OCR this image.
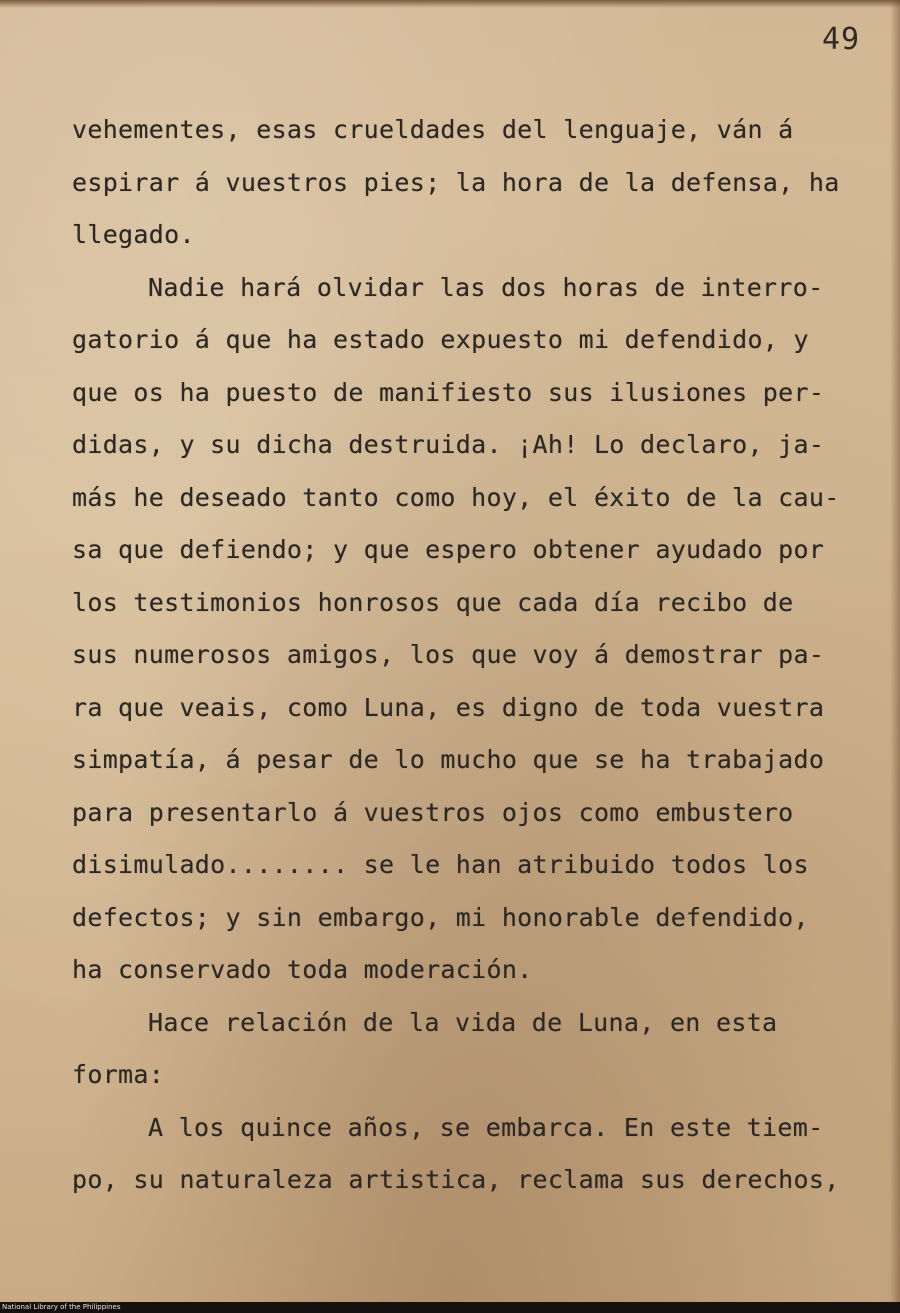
49
vehementes, esas crueldades del lenguaje, ván á
espirar á vuestros pies; la hora de la defensa, ha
llegado.
Nadie hará olvidar las dos horas de interro-
gatorio á que ha estado expuesto mi defendido, y
que os ha puesto de manifiesto sus ilusiones per-
didas, y su dicha destruida. ¡Ah! Lo declaro, ja-
más he deseado tanto como hoy, el éxito de la cau-
sa que defiendo; y que espero obtener ayudado por
los testimonios honrosos que cada día recibo de
sus numerosos amigos, los que voy á demostrar pa-
ra que veais, como Luna, es digno de toda vuestra
simpatía, á pesar de lo mucho que se ha trabajado
para presentarlo á vuestros ojos como embustero
disimulado........ se le han atribuido todos los
defectos; y sin embargo, mi honorable defendido,
ha conservado toda moderación.
Hace relación de la vida de Luna, en esta
forma:
A los quince años, se embarca. En este tiem-
po, su naturaleza artistica, reclama sus derechos,
National Library of the Philippines
